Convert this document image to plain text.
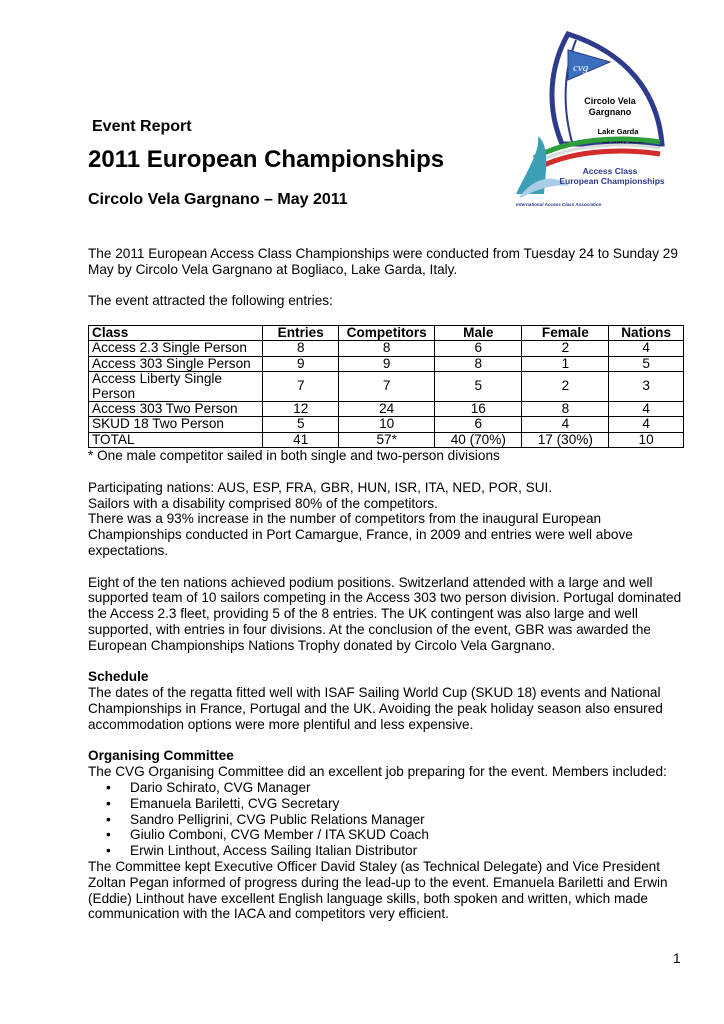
cvg
Circolo Vela
Gargnano
Lake Garda
24-29 May 2011
Access Class
European Championships
International Access Class Association
Event Report
2011 European Championships
Circolo Vela Gargnano – May 2011

The 2011 European Access Class Championships were conducted from Tuesday 24 to Sunday 29 May by Circolo Vela Gargnano at Bogliaco, Lake Garda, Italy.

The event attracted the following entries:

Class	Entries	Competitors	Male	Female	Nations
Access 2.3 Single Person	8	8	6	2	4
Access 303 Single Person	9	9	8	1	5
Access Liberty Single Person	7	7	5	2	3
Access 303 Two Person	12	24	16	8	4
SKUD 18 Two Person	5	10	6	4	4
TOTAL	41	57*	40 (70%)	17 (30%)	10

* One male competitor sailed in both single and two-person divisions

Participating nations: AUS, ESP, FRA, GBR, HUN, ISR, ITA, NED, POR, SUI.

Sailors with a disability comprised 80% of the competitors.

There was a 93% increase in the number of competitors from the inaugural European Championships conducted in Port Camargue, France, in 2009 and entries were well above expectations.

Eight of the ten nations achieved podium positions. Switzerland attended with a large and well supported team of 10 sailors competing in the Access 303 two person division. Portugal dominated the Access 2.3 fleet, providing 5 of the 8 entries. The UK contingent was also large and well supported, with entries in four divisions. At the conclusion of the event, GBR was awarded the European Championships Nations Trophy donated by Circolo Vela Gargnano.

Schedule

The dates of the regatta fitted well with ISAF Sailing World Cup (SKUD 18) events and National Championships in France, Portugal and the UK. Avoiding the peak holiday season also ensured accommodation options were more plentiful and less expensive.

Organising Committee

The CVG Organising Committee did an excellent job preparing for the event. Members included:

• Dario Schirato, CVG Manager
• Emanuela Bariletti, CVG Secretary
• Sandro Pelligrini, CVG Public Relations Manager
• Giulio Comboni, CVG Member / ITA SKUD Coach
• Erwin Linthout, Access Sailing Italian Distributor

The Committee kept Executive Officer David Staley (as Technical Delegate) and Vice President Zoltan Pegan informed of progress during the lead-up to the event. Emanuela Bariletti and Erwin (Eddie) Linthout have excellent English language skills, both spoken and written, which made communication with the IACA and competitors very efficient.

1
